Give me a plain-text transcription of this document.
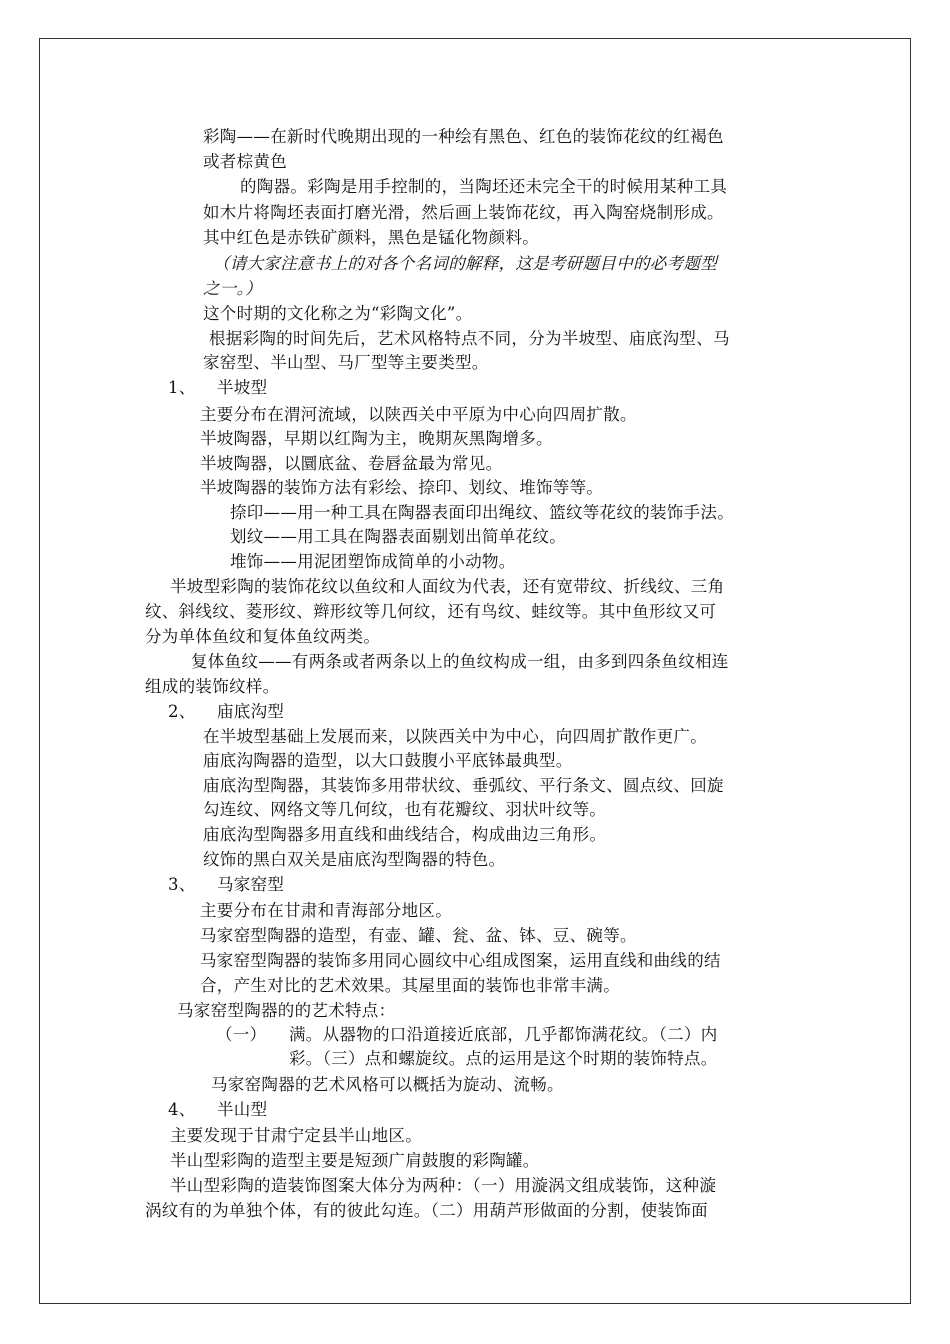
彩陶——在新时代晚期出现的一种绘有黑色、红色的装饰花纹的红褐色
或者棕黄色
的陶器。彩陶是用手控制的，当陶坯还未完全干的时候用某种工具
如木片将陶坯表面打磨光滑，然后画上装饰花纹，再入陶窑烧制形成。
其中红色是赤铁矿颜料，黑色是锰化物颜料。
（请大家注意书上的对各个名词的解释，这是考研题目中的必考题型
之一。）
这个时期的文化称之为“彩陶文化”。
根据彩陶的时间先后，艺术风格特点不同，分为半坡型、庙底沟型、马
家窑型、半山型、马厂型等主要类型。
1、 半坡型
主要分布在渭河流域，以陕西关中平原为中心向四周扩散。
半坡陶器，早期以红陶为主，晚期灰黑陶增多。
半坡陶器，以圜底盆、卷唇盆最为常见。
半坡陶器的装饰方法有彩绘、捺印、划纹、堆饰等等。
捺印——用一种工具在陶器表面印出绳纹、篮纹等花纹的装饰手法。
划纹——用工具在陶器表面剔划出简单花纹。
堆饰——用泥团塑饰成简单的小动物。
半坡型彩陶的装饰花纹以鱼纹和人面纹为代表，还有宽带纹、折线纹、三角
纹、斜线纹、菱形纹、辫形纹等几何纹，还有鸟纹、蛙纹等。其中鱼形纹又可
分为单体鱼纹和复体鱼纹两类。
复体鱼纹——有两条或者两条以上的鱼纹构成一组，由多到四条鱼纹相连
组成的装饰纹样。
2、 庙底沟型
在半坡型基础上发展而来，以陕西关中为中心，向四周扩散作更广。
庙底沟陶器的造型，以大口鼓腹小平底钵最典型。
庙底沟型陶器，其装饰多用带状纹、垂弧纹、平行条文、圆点纹、回旋
勾连纹、网络文等几何纹，也有花瓣纹、羽状叶纹等。
庙底沟型陶器多用直线和曲线结合，构成曲边三角形。
纹饰的黑白双关是庙底沟型陶器的特色。
3、 马家窑型
主要分布在甘肃和青海部分地区。
马家窑型陶器的造型，有壶、罐、瓮、盆、钵、豆、碗等。
马家窑型陶器的装饰多用同心圆纹中心组成图案，运用直线和曲线的结
合，产生对比的艺术效果。其屋里面的装饰也非常丰满。
马家窑型陶器的的艺术特点：
（一） 满。从器物的口沿道接近底部，几乎都饰满花纹。（二）内
彩。（三）点和螺旋纹。点的运用是这个时期的装饰特点。
马家窑陶器的艺术风格可以概括为旋动、流畅。
4、 半山型
主要发现于甘肃宁定县半山地区。
半山型彩陶的造型主要是短颈广肩鼓腹的彩陶罐。
半山型彩陶的造装饰图案大体分为两种：（一）用漩涡文组成装饰，这种漩
涡纹有的为单独个体，有的彼此勾连。（二）用葫芦形做面的分割，使装饰面
